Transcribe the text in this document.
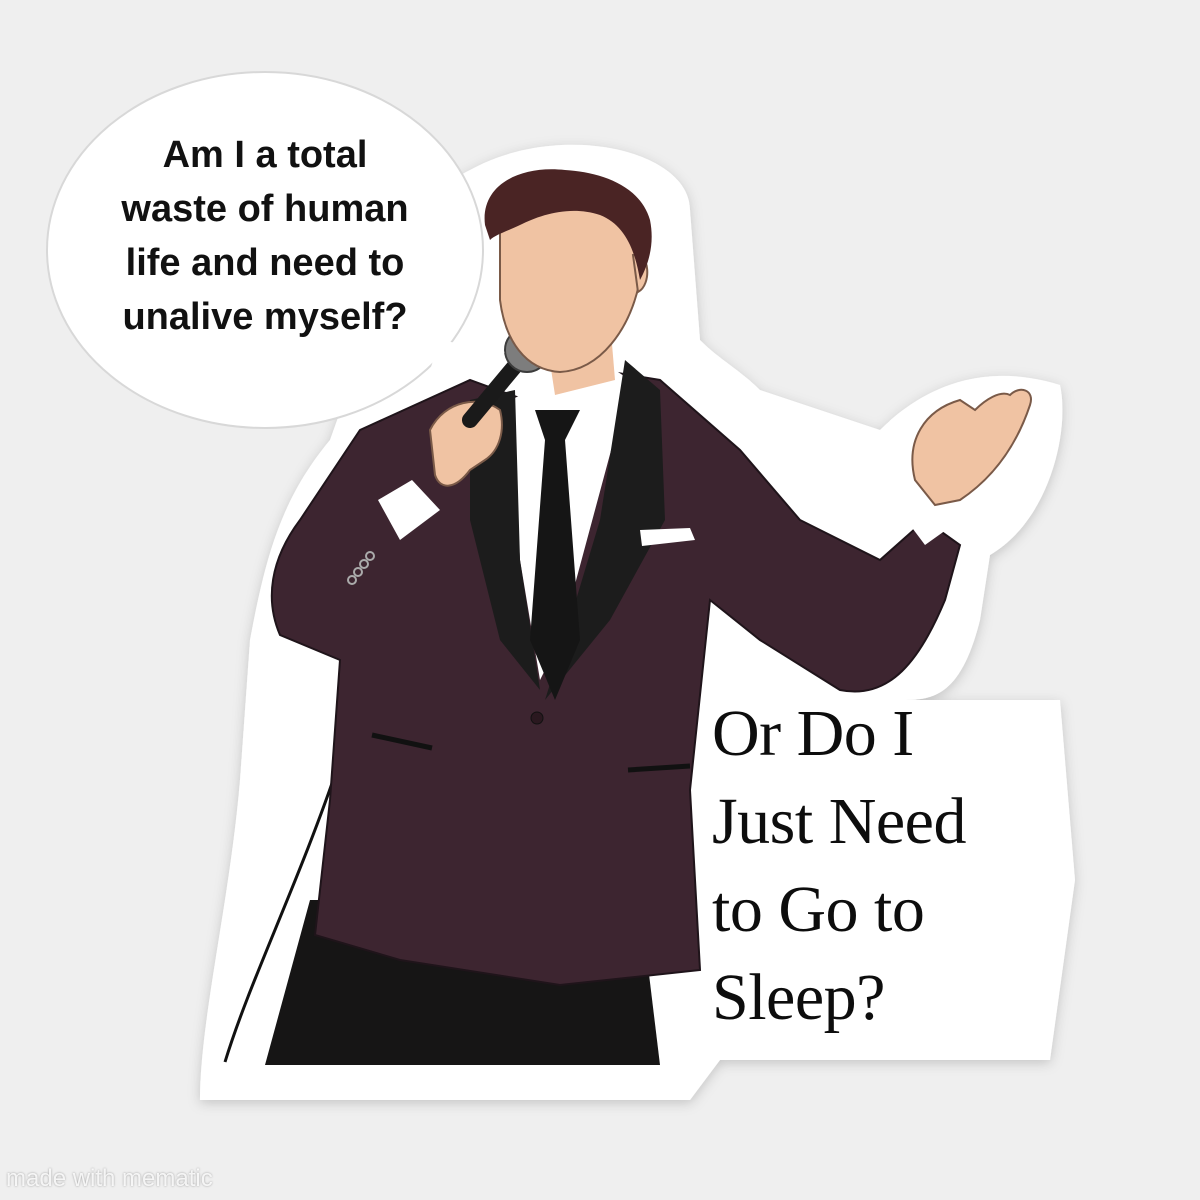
Am I a total
waste of human
life and need to
unalive myself?
Or Do I
Just Need
to Go to
Sleep?
made with mematic
